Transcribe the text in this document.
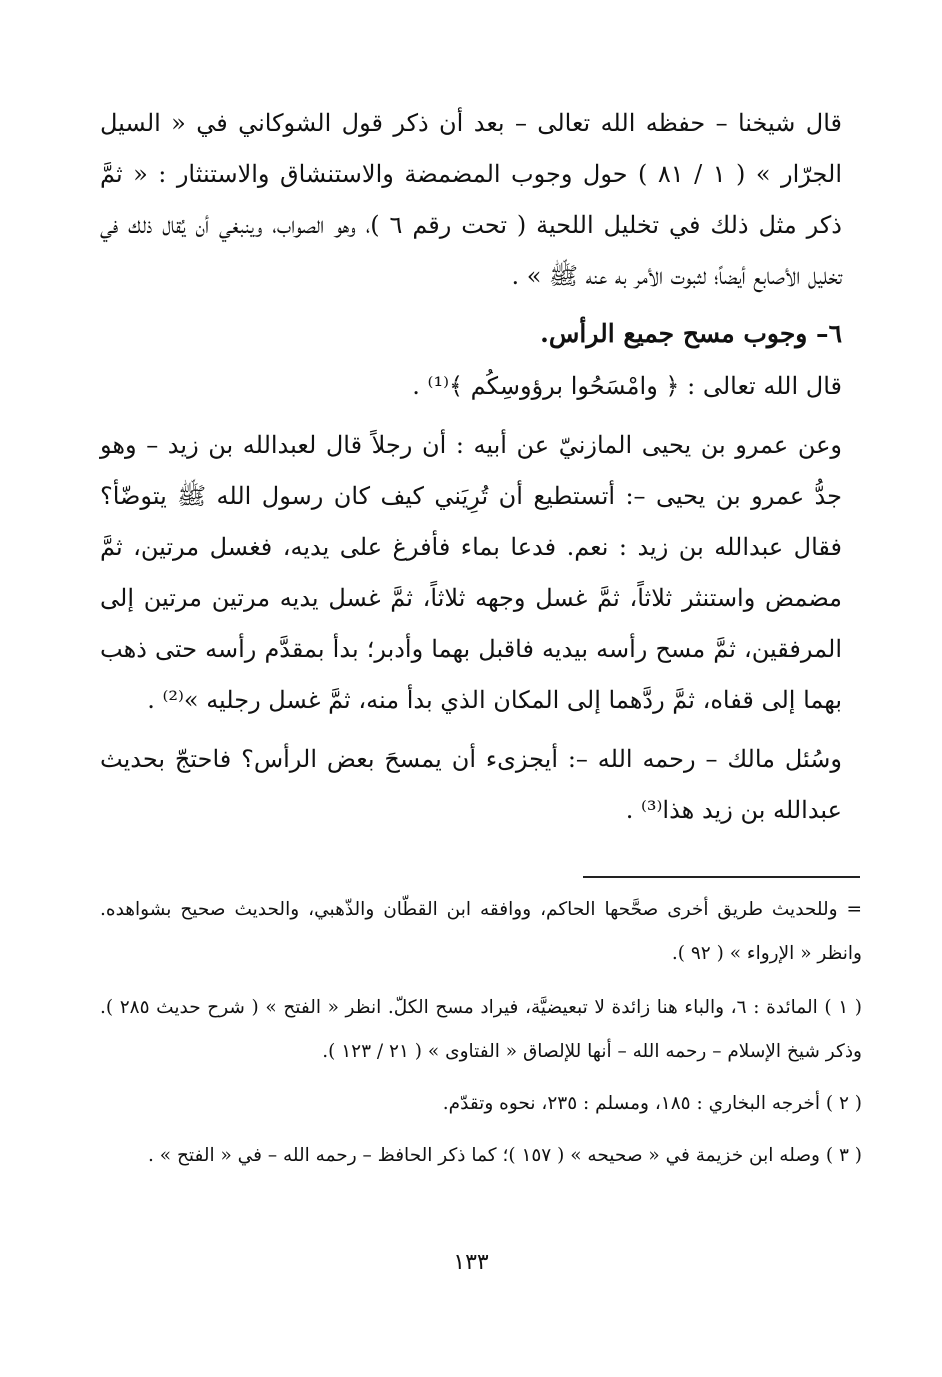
قال شيخنا – حفظه الله تعالى – بعد أن ذكر قول الشوكاني في « السيل الجرّار » ( ١ / ٨١ ) حول وجوب المضمضة والاستنشاق والاستنثار : « ثمَّ ذكر مثل ذلك في تخليل اللحية ( تحت رقم ٦ )، وهو الصواب، وينبغي أن يُقال ذلك في تخليل الأصابع أيضاً؛ لثبوت الأمر به عنه ﷺ » .

٦– وجوب مسح جميع الرأس.

قال الله تعالى : ﴿ وامْسَحُوا برؤوسِكُم ﴾⁽¹⁾ .

وعن عمرو بن يحيى المازنيّ عن أبيه : أن رجلاً قال لعبدالله بن زيد – وهو جدُّ عمرو بن يحيى –: أتستطيع أن تُرِيَني كيف كان رسول الله ﷺ يتوضّأ؟ فقال عبدالله بن زيد : نعم. فدعا بماء فأفرغ على يديه، فغسل مرتين، ثمَّ مضمض واستنثر ثلاثاً، ثمَّ غسل وجهه ثلاثاً، ثمَّ غسل يديه مرتين مرتين إلى المرفقين، ثمَّ مسح رأسه بيديه فاقبل بهما وأدبر؛ بدأ بمقدَّم رأسه حتى ذهب بهما إلى قفاه، ثمَّ ردَّهما إلى المكان الذي بدأ منه، ثمَّ غسل رجليه »⁽²⁾ .

وسُئل مالك – رحمه الله –: أيجزىء أن يمسحَ بعض الرأس؟ فاحتجّ بحديث عبدالله بن زيد هذا⁽³⁾ .

= وللحديث طريق أخرى صحَّحها الحاكم، ووافقه ابن القطّان والذّهبي، والحديث صحيح بشواهده. وانظر « الإرواء » ( ٩٢ ).

( ١ ) المائدة : ٦، والباء هنا زائدة لا تبعيضيَّة، فيراد مسح الكلّ. انظر « الفتح » ( شرح حديث ٢٨٥ ). وذكر شيخ الإسلام – رحمه الله – أنها للإلصاق « الفتاوى » ( ٢١ / ١٢٣ ).

( ٢ ) أخرجه البخاري : ١٨٥، ومسلم : ٢٣٥، نحوه وتقدّم.

( ٣ ) وصله ابن خزيمة في « صحيحه » ( ١٥٧ )؛ كما ذكر الحافظ – رحمه الله – في « الفتح » .

١٣٣
